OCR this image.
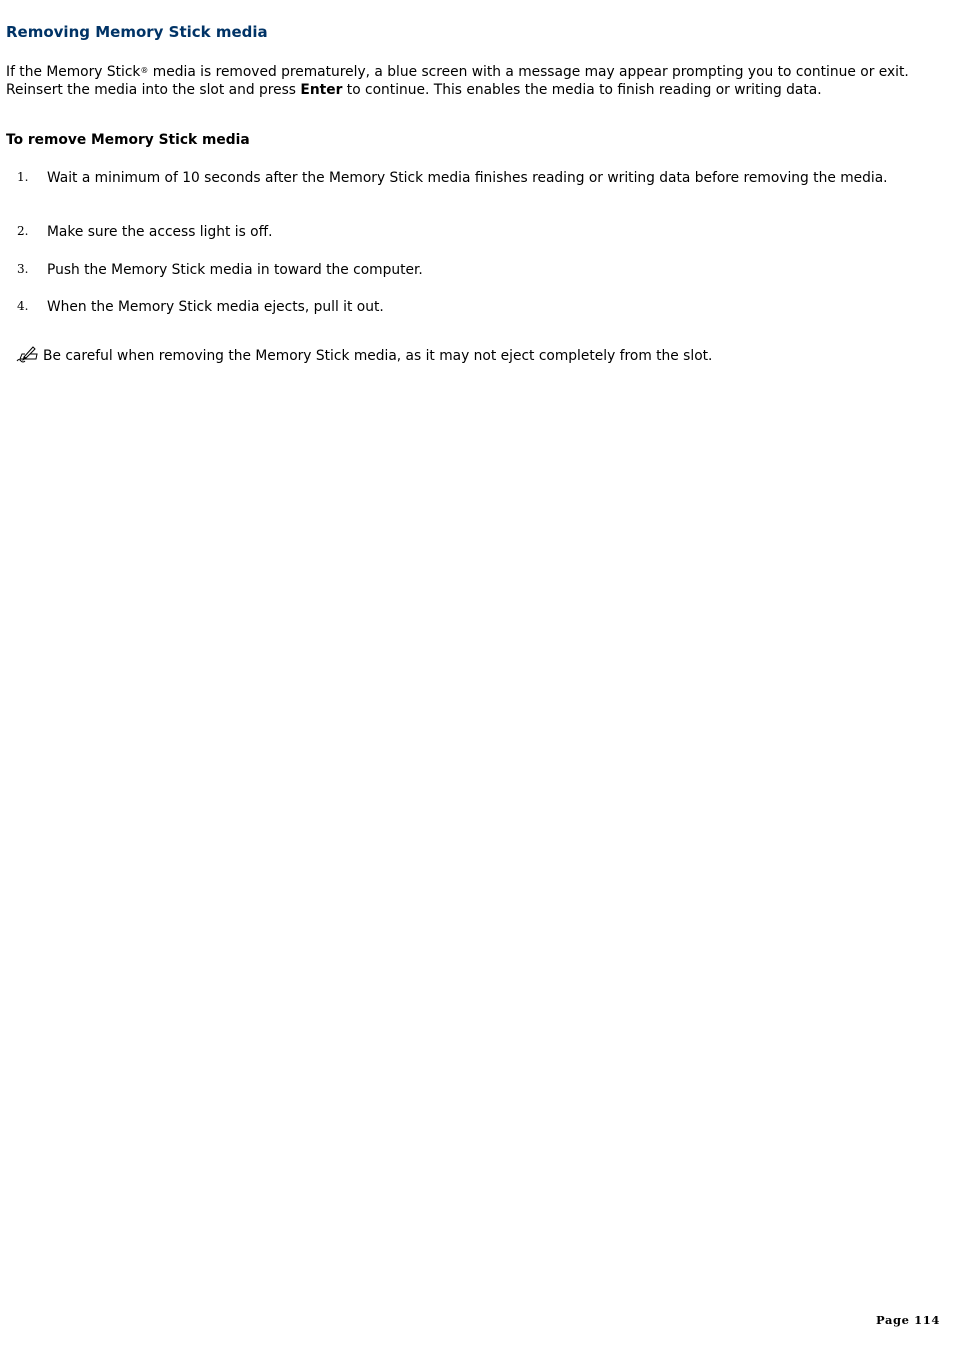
Removing Memory Stick media

If the Memory Stick® media is removed prematurely, a blue screen with a message may appear prompting you to continue or exit. Reinsert the media into the slot and press Enter to continue. This enables the media to finish reading or writing data.

To remove Memory Stick media
1. Wait a minimum of 10 seconds after the Memory Stick media finishes reading or writing data before removing the media.
2. Make sure the access light is off.
3. Push the Memory Stick media in toward the computer.
4. When the Memory Stick media ejects, pull it out.
Be careful when removing the Memory Stick media, as it may not eject completely from the slot.
Page 114
